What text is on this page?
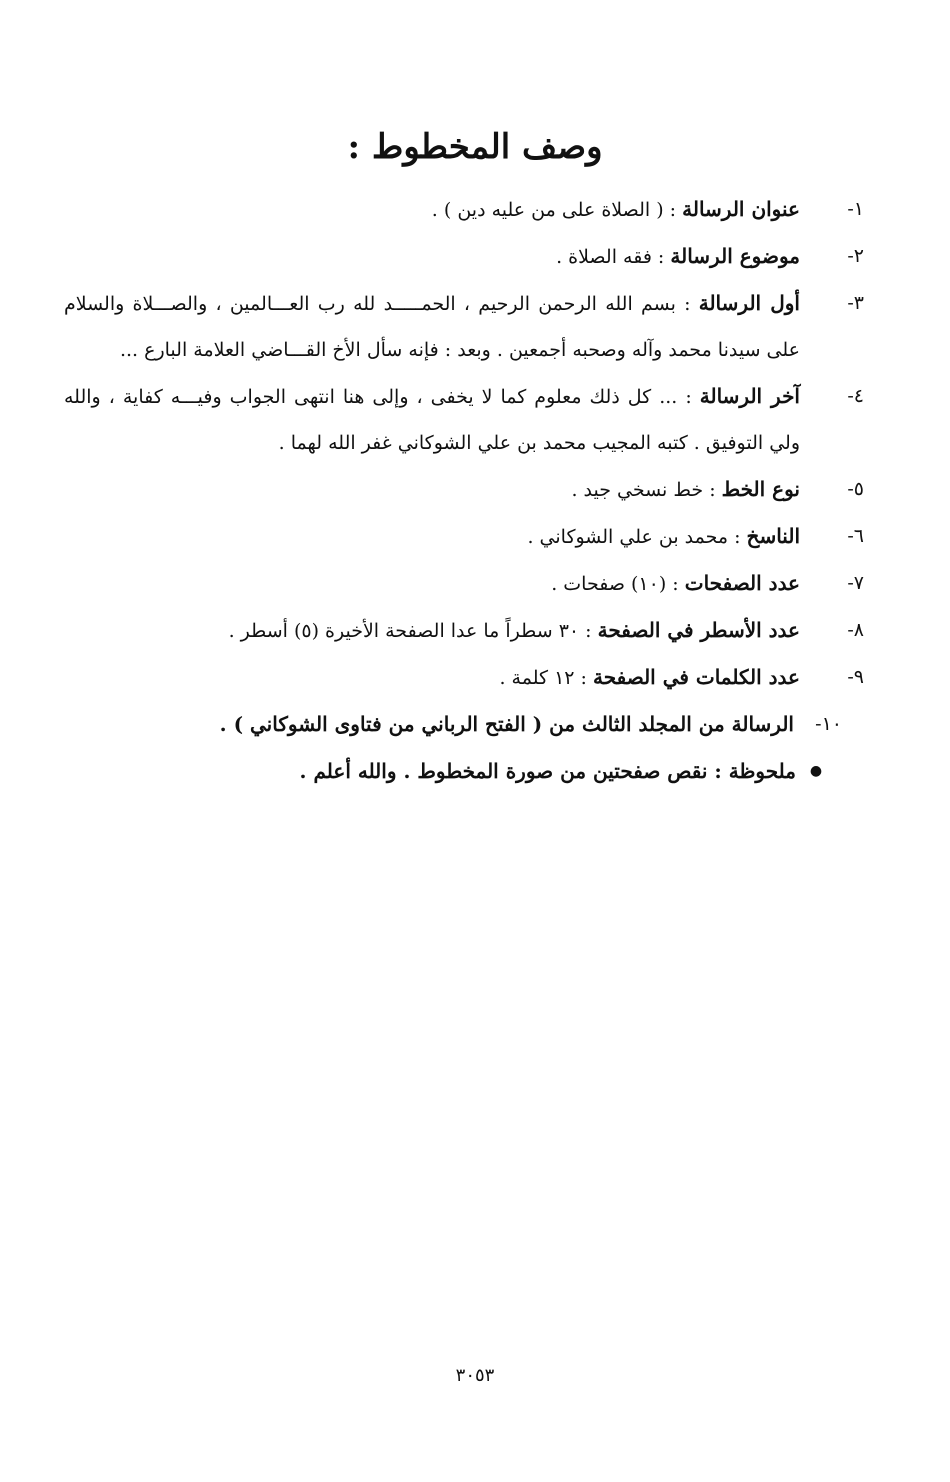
وصف المخطوط :
١-
عنوان الرسالة : ( الصلاة على من عليه دين ) .
٢-
موضوع الرسالة : فقه الصلاة .
٣-
أول الرسالة : بسم الله الرحمن الرحيم ، الحمـــــد لله رب العـــالمين ، والصـــلاة والسلام على سيدنا محمد وآله وصحبه أجمعين . وبعد : فإنه سأل الأخ القـــاضي العلامة البارع ...
٤-
آخر الرسالة : ... كل ذلك معلوم كما لا يخفى ، وإلى هنا انتهى الجواب وفيـــه كفاية ، والله ولي التوفيق . كتبه المجيب محمد بن علي الشوكاني غفر الله لهما .
٥-
نوع الخط : خط نسخي جيد .
٦-
الناسخ : محمد بن علي الشوكاني .
٧-
عدد الصفحات : (١٠) صفحات .
٨-
عدد الأسطر في الصفحة : ٣٠ سطراً ما عدا الصفحة الأخيرة (٥) أسطر .
٩-
عدد الكلمات في الصفحة : ١٢ كلمة .
١٠-
الرسالة من المجلد الثالث من ( الفتح الرباني من فتاوى الشوكاني ) .
●
ملحوظة : نقص صفحتين من صورة المخطوط . والله أعلم .
٣٠٥٣
